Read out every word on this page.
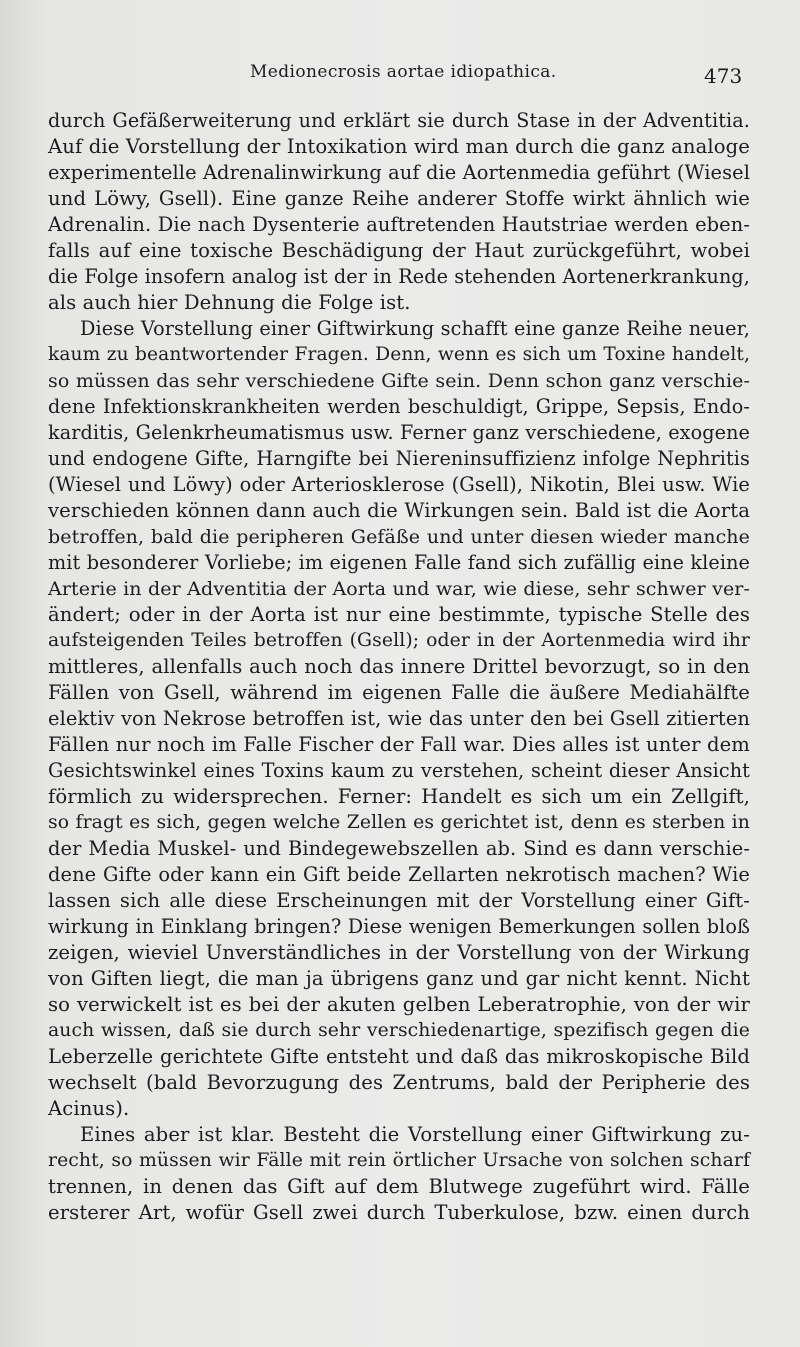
Medionecrosis aortae idiopathica.	473
durch Gefäßerweiterung und erklärt sie durch Stase in der Adventitia.
Auf die Vorstellung der Intoxikation wird man durch die ganz analoge
experimentelle Adrenalinwirkung auf die Aortenmedia geführt (Wiesel
und Löwy, Gsell). Eine ganze Reihe anderer Stoffe wirkt ähnlich wie
Adrenalin. Die nach Dysenterie auftretenden Hautstriae werden eben-
falls auf eine toxische Beschädigung der Haut zurückgeführt, wobei
die Folge insofern analog ist der in Rede stehenden Aortenerkrankung,
als auch hier Dehnung die Folge ist.
Diese Vorstellung einer Giftwirkung schafft eine ganze Reihe neuer,
kaum zu beantwortender Fragen. Denn, wenn es sich um Toxine handelt,
so müssen das sehr verschiedene Gifte sein. Denn schon ganz verschie-
dene Infektionskrankheiten werden beschuldigt, Grippe, Sepsis, Endo-
karditis, Gelenkrheumatismus usw. Ferner ganz verschiedene, exogene
und endogene Gifte, Harngifte bei Niereninsuffizienz infolge Nephritis
(Wiesel und Löwy) oder Arteriosklerose (Gsell), Nikotin, Blei usw. Wie
verschieden können dann auch die Wirkungen sein. Bald ist die Aorta
betroffen, bald die peripheren Gefäße und unter diesen wieder manche
mit besonderer Vorliebe; im eigenen Falle fand sich zufällig eine kleine
Arterie in der Adventitia der Aorta und war, wie diese, sehr schwer ver-
ändert; oder in der Aorta ist nur eine bestimmte, typische Stelle des
aufsteigenden Teiles betroffen (Gsell); oder in der Aortenmedia wird ihr
mittleres, allenfalls auch noch das innere Drittel bevorzugt, so in den
Fällen von Gsell, während im eigenen Falle die äußere Mediahälfte
elektiv von Nekrose betroffen ist, wie das unter den bei Gsell zitierten
Fällen nur noch im Falle Fischer der Fall war. Dies alles ist unter dem
Gesichtswinkel eines Toxins kaum zu verstehen, scheint dieser Ansicht
förmlich zu widersprechen. Ferner: Handelt es sich um ein Zellgift,
so fragt es sich, gegen welche Zellen es gerichtet ist, denn es sterben in
der Media Muskel- und Bindegewebszellen ab. Sind es dann verschie-
dene Gifte oder kann ein Gift beide Zellarten nekrotisch machen? Wie
lassen sich alle diese Erscheinungen mit der Vorstellung einer Gift-
wirkung in Einklang bringen? Diese wenigen Bemerkungen sollen bloß
zeigen, wieviel Unverständliches in der Vorstellung von der Wirkung
von Giften liegt, die man ja übrigens ganz und gar nicht kennt. Nicht
so verwickelt ist es bei der akuten gelben Leberatrophie, von der wir
auch wissen, daß sie durch sehr verschiedenartige, spezifisch gegen die
Leberzelle gerichtete Gifte entsteht und daß das mikroskopische Bild
wechselt (bald Bevorzugung des Zentrums, bald der Peripherie des
Acinus).
Eines aber ist klar. Besteht die Vorstellung einer Giftwirkung zu-
recht, so müssen wir Fälle mit rein örtlicher Ursache von solchen scharf
trennen, in denen das Gift auf dem Blutwege zugeführt wird. Fälle
ersterer Art, wofür Gsell zwei durch Tuberkulose, bzw. einen durch
